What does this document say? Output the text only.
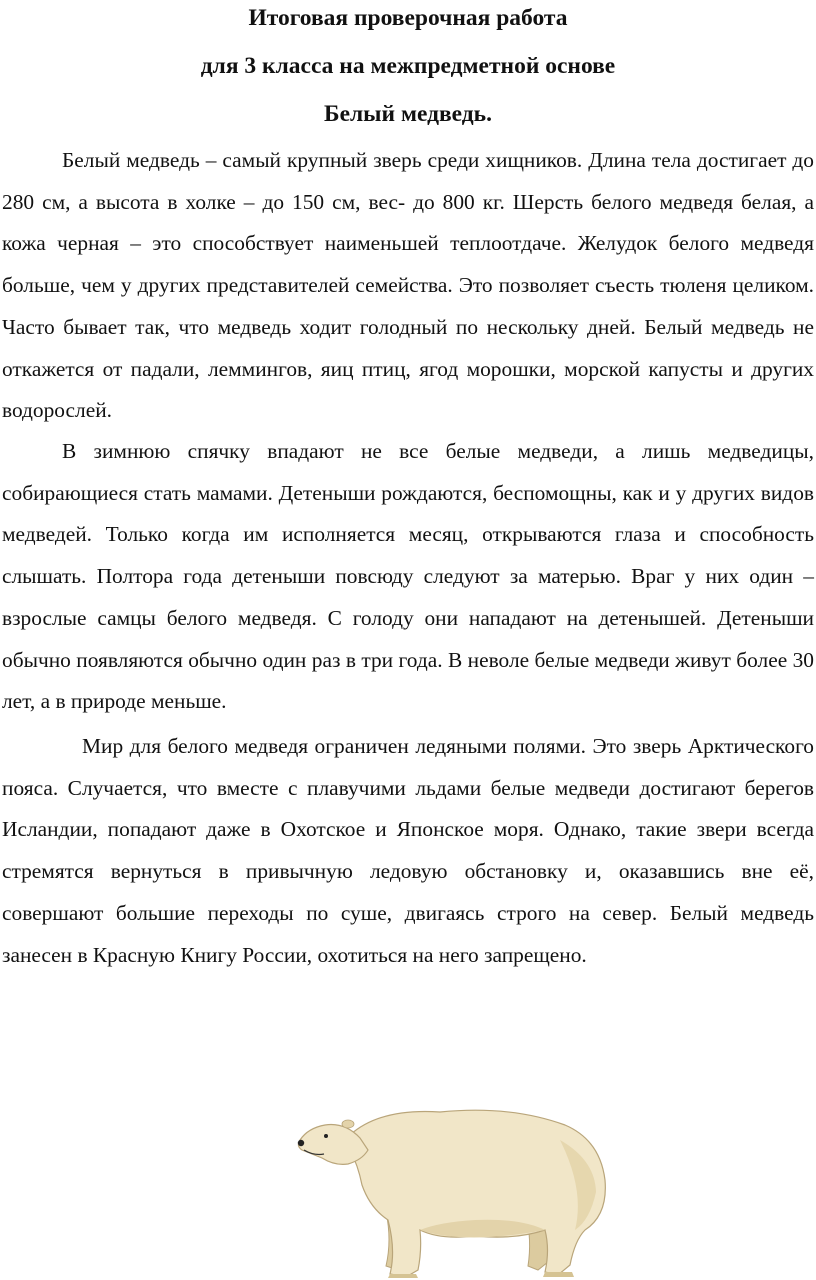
Итоговая проверочная работа
для 3 класса на межпредметной основе
Белый медведь.

Белый медведь – самый крупный зверь среди хищников. Длина тела достигает до 280 см, а высота в холке – до 150 см, вес- до 800 кг. Шерсть белого медведя белая, а кожа черная – это способствует наименьшей теплоотдаче. Желудок белого медведя больше, чем у других представителей семейства. Это позволяет съесть тюленя целиком. Часто бывает так, что медведь ходит голодный по нескольку дней. Белый медведь не откажется от падали, леммингов, яиц птиц, ягод морошки, морской капусты и других водорослей.

В зимнюю спячку впадают не все белые медведи, а лишь медведицы, собирающиеся стать мамами. Детеныши рождаются, беспомощны, как и у других видов медведей. Только когда им исполняется месяц, открываются глаза и способность слышать. Полтора года детеныши повсюду следуют за матерью. Враг у них один – взрослые самцы белого медведя. С голоду они нападают на детенышей. Детеныши обычно появляются обычно один раз в три года. В неволе белые медведи живут более 30 лет, а в природе меньше.

Мир для белого медведя ограничен ледяными полями. Это зверь Арктического пояса. Случается, что вместе с плавучими льдами белые медведи достигают берегов Исландии, попадают даже в Охотское и Японское моря. Однако, такие звери всегда стремятся вернуться в привычную ледовую обстановку и, оказавшись вне её, совершают большие переходы по суше, двигаясь строго на север. Белый медведь занесен в Красную Книгу России, охотиться на него запрещено.
